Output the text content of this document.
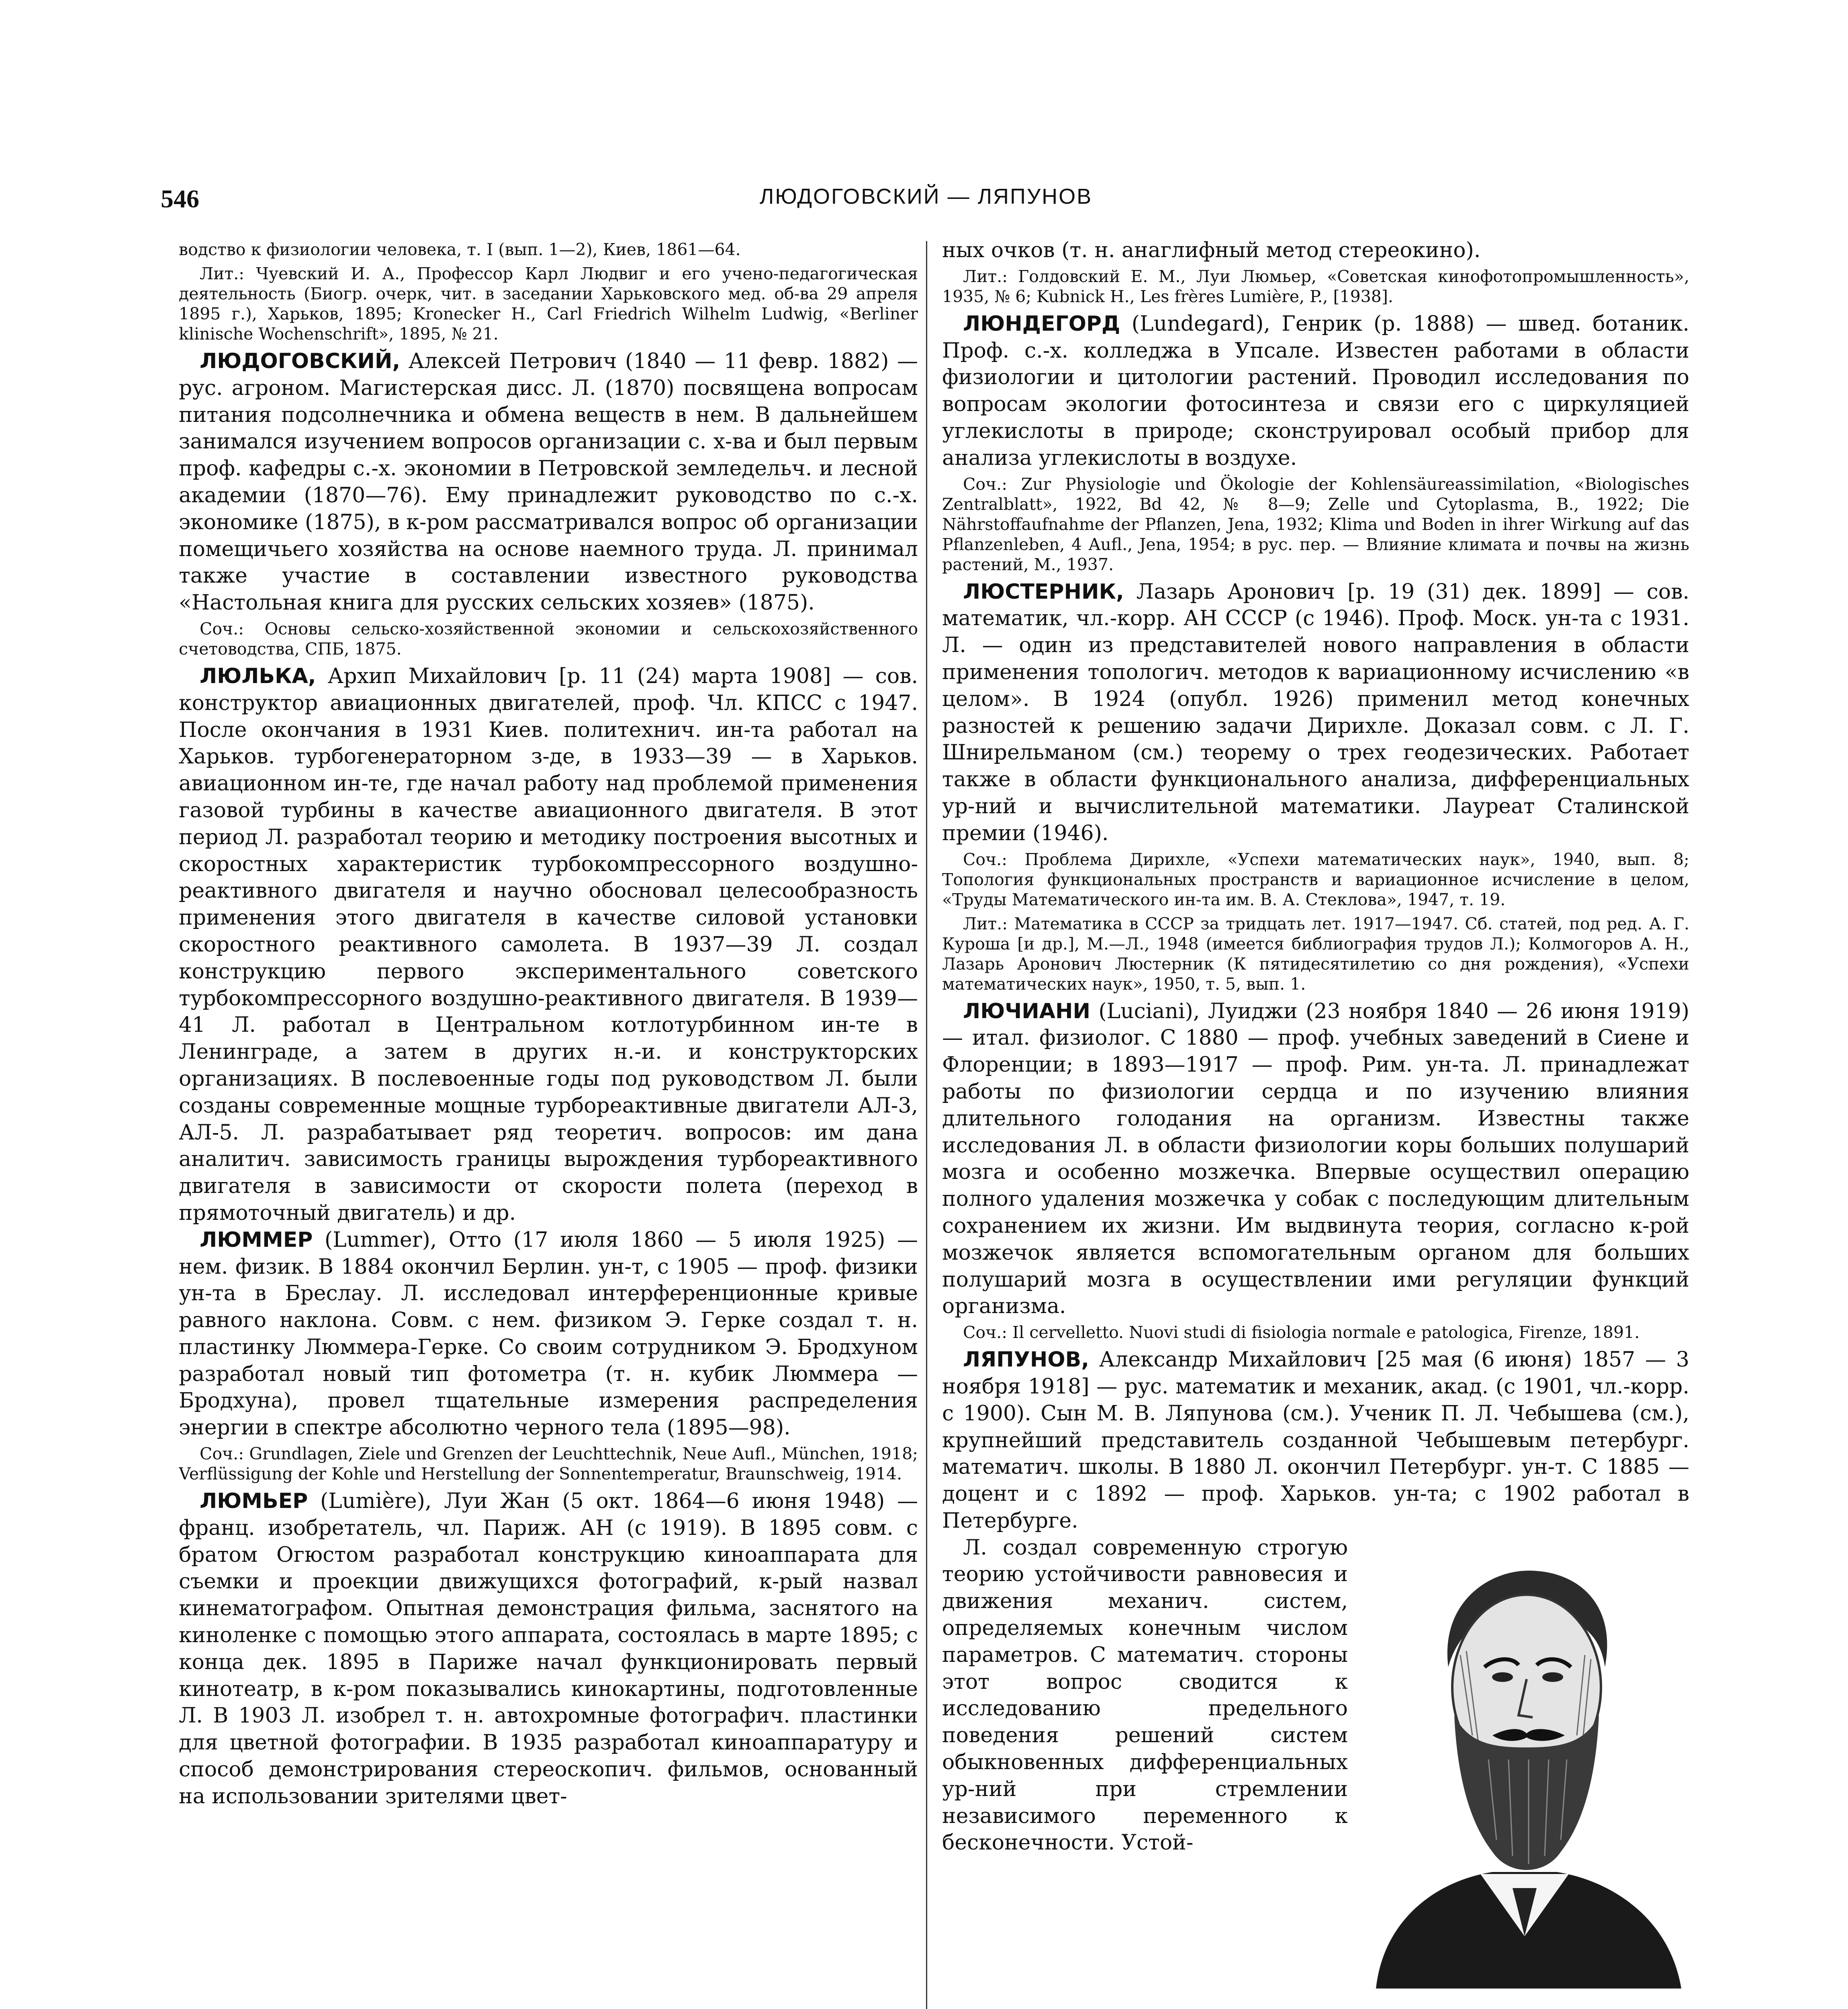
546	ЛЮДОГОВСКИЙ — ЛЯПУНОВ

водство к физиологии человека, т. I (вып. 1—2), Киев, 1861—64.

Лит.: Чуевский И. А., Профессор Карл Людвиг и его учено-педагогическая деятельность (Биогр. очерк, чит. в заседании Харьковского мед. об-ва 29 апреля 1895 г.), Харьков, 1895; Kronecker H., Carl Friedrich Wilhelm Ludwig, «Berliner klinische Wochenschrift», 1895, № 21.

ЛЮДОГОВСКИЙ, Алексей Петрович (1840 — 11 февр. 1882) — рус. агроном. Магистерская дисс. Л. (1870) посвящена вопросам питания подсолнечника и обмена веществ в нем. В дальнейшем занимался изучением вопросов организации с. х-ва и был первым проф. кафедры с.-х. экономии в Петровской земледельч. и лесной академии (1870—76). Ему принадлежит руководство по с.-х. экономике (1875), в к-ром рассматривался вопрос об организации помещичьего хозяйства на основе наемного труда. Л. принимал также участие в составлении известного руководства «Настольная книга для русских сельских хозяев» (1875).

Соч.: Основы сельско-хозяйственной экономии и сельскохозяйственного счетоводства, СПБ, 1875.

ЛЮЛЬКА, Архип Михайлович [р. 11 (24) марта 1908] — сов. конструктор авиационных двигателей, проф. Чл. КПСС с 1947. После окончания в 1931 Киев. политехнич. ин-та работал на Харьков. турбогенераторном з-де, в 1933—39 — в Харьков. авиационном ин-те, где начал работу над проблемой применения газовой турбины в качестве авиационного двигателя. В этот период Л. разработал теорию и методику построения высотных и скоростных характеристик турбокомпрессорного воздушно-реактивного двигателя и научно обосновал целесообразность применения этого двигателя в качестве силовой установки скоростного реактивного самолета. В 1937—39 Л. создал конструкцию первого экспериментального советского турбокомпрессорного воздушно-реактивного двигателя. В 1939—41 Л. работал в Центральном котлотурбинном ин-те в Ленинграде, а затем в других н.-и. и конструкторских организациях. В послевоенные годы под руководством Л. были созданы современные мощные турбореактивные двигатели АЛ-3, АЛ-5. Л. разрабатывает ряд теоретич. вопросов: им дана аналитич. зависимость границы вырождения турбореактивного двигателя в зависимости от скорости полета (переход в прямоточный двигатель) и др.

ЛЮММЕР (Lummer), Отто (17 июля 1860 — 5 июля 1925) — нем. физик. В 1884 окончил Берлин. ун-т, с 1905 — проф. физики ун-та в Бреслау. Л. исследовал интерференционные кривые равного наклона. Совм. с нем. физиком Э. Герке создал т. н. пластинку Люммера-Герке. Со своим сотрудником Э. Бродхуном разработал новый тип фотометра (т. н. кубик Люммера — Бродхуна), провел тщательные измерения распределения энергии в спектре абсолютно черного тела (1895—98).

Соч.: Grundlagen, Ziele und Grenzen der Leuchttechnik, Neue Aufl., München, 1918; Verflüssigung der Kohle und Herstellung der Sonnentemperatur, Braunschweig, 1914.

ЛЮМЬЕР (Lumière), Луи Жан (5 окт. 1864—6 июня 1948) — франц. изобретатель, чл. Париж. АН (с 1919). В 1895 совм. с братом Огюстом разработал конструкцию киноаппарата для съемки и проекции движущихся фотографий, к-рый назвал кинематографом. Опытная демонстрация фильма, заснятого на киноленке с помощью этого аппарата, состоялась в марте 1895; с конца дек. 1895 в Париже начал функционировать первый кинотеатр, в к-ром показывались кинокартины, подготовленные Л. В 1903 Л. изобрел т. н. автохромные фотографич. пластинки для цветной фотографии. В 1935 разработал киноаппаратуру и способ демонстрирования стереоскопич. фильмов, основанный на использовании зрителями цвет-

ных очков (т. н. анаглифный метод стереокино).

Лит.: Голдовский Е. М., Луи Люмьер, «Советская кинофотопромышленность», 1935, № 6; Kubnick H., Les frères Lumière, P., [1938].

ЛЮНДЕГОРД (Lundegard), Генрик (р. 1888) — швед. ботаник. Проф. с.-х. колледжа в Упсале. Известен работами в области физиологии и цитологии растений. Проводил исследования по вопросам экологии фотосинтеза и связи его с циркуляцией углекислоты в природе; сконструировал особый прибор для анализа углекислоты в воздухе.

Соч.: Zur Physiologie und Ökologie der Kohlensäureassimilation, «Biologisches Zentralblatt», 1922, Bd 42, № 8—9; Zelle und Cytoplasma, B., 1922; Die Nährstoffaufnahme der Pflanzen, Jena, 1932; Klima und Boden in ihrer Wirkung auf das Pflanzenleben, 4 Aufl., Jena, 1954; в рус. пер. — Влияние климата и почвы на жизнь растений, М., 1937.

ЛЮСТЕРНИК, Лазарь Аронович [р. 19 (31) дек. 1899] — сов. математик, чл.-корр. АН СССР (с 1946). Проф. Моск. ун-та с 1931. Л. — один из представителей нового направления в области применения топологич. методов к вариационному исчислению «в целом». В 1924 (опубл. 1926) применил метод конечных разностей к решению задачи Дирихле. Доказал совм. с Л. Г. Шнирельманом (см.) теорему о трех геодезических. Работает также в области функционального анализа, дифференциальных ур-ний и вычислительной математики. Лауреат Сталинской премии (1946).

Соч.: Проблема Дирихле, «Успехи математических наук», 1940, вып. 8; Топология функциональных пространств и вариационное исчисление в целом, «Труды Математического ин-та им. В. А. Стеклова», 1947, т. 19.

Лит.: Математика в СССР за тридцать лет. 1917—1947. Сб. статей, под ред. А. Г. Куроша [и др.], М.—Л., 1948 (имеется библиография трудов Л.); Колмогоров А. Н., Лазарь Аронович Люстерник (К пятидесятилетию со дня рождения), «Успехи математических наук», 1950, т. 5, вып. 1.

ЛЮЧИАНИ (Luciani), Луиджи (23 ноября 1840 — 26 июня 1919) — итал. физиолог. С 1880 — проф. учебных заведений в Сиене и Флоренции; в 1893—1917 — проф. Рим. ун-та. Л. принадлежат работы по физиологии сердца и по изучению влияния длительного голодания на организм. Известны также исследования Л. в области физиологии коры больших полушарий мозга и особенно мозжечка. Впервые осуществил операцию полного удаления мозжечка у собак с последующим длительным сохранением их жизни. Им выдвинута теория, согласно к-рой мозжечок является вспомогательным органом для больших полушарий мозга в осуществлении ими регуляции функций организма.

Соч.: Il cervelletto. Nuovi studi di fisiologia normale e patologica, Firenze, 1891.

ЛЯПУНОВ, Александр Михайлович [25 мая (6 июня) 1857 — 3 ноября 1918] — рус. математик и механик, акад. (с 1901, чл.-корр. с 1900). Сын М. В. Ляпунова (см.). Ученик П. Л. Чебышева (см.), крупнейший представитель созданной Чебышевым петербург. математич. школы. В 1880 Л. окончил Петербург. ун-т. С 1885 — доцент и с 1892 — проф. Харьков. ун-та; с 1902 работал в Петербурге.

Л. создал современную строгую теорию устойчивости равновесия и движения механич. систем, определяемых конечным числом параметров. С математич. стороны этот вопрос сводится к исследованию предельного поведения решений систем обыкновенных дифференциальных ур-ний при стремлении независимого переменного к бесконечности. Устой-
